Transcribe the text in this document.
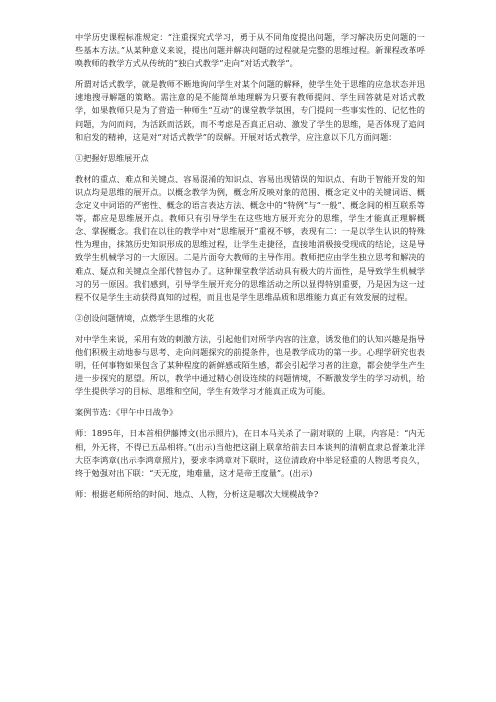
中学历史课程标准规定：“注重探究式学习，勇于从不同角度提出问题，学习解决历史问题的一些基本方法。”从某种意义来说，提出问题并解决问题的过程就是完整的思维过程。新课程改革呼唤教师的教学方式从传统的“独白式教学”走向“对话式教学”。

所谓对话式教学，就是教师不断地询问学生对某个问题的解释，使学生处于思维的应急状态并迅速地搜寻解题的策略。需注意的是不能简单地理解为只要有教师提问、学生回答就是对话式教学，如果教师只是为了营造一种师生“互动”的课堂教学氛围，专门提问一些事实性的、记忆性的问题，为问而问，为活跃而活跃，而不考虑是否真正启动、激发了学生的思维，是否体现了追问和启发的精神，这是对“对话式教学”的误解。开展对话式教学，应注意以下几方面问题：

①把握好思维展开点

教材的重点、难点和关键点、容易混淆的知识点、容易出现错误的知识点、有助于智能开发的知识点均是思维的展开点。以概念教学为例，概念所反映对象的范围、概念定义中的关键词语、概念定义中词语的严密性、概念的语言表达方法、概念中的“特例”与“一般”、概念间的相互联系等等，都应是思维展开点。教师只有引导学生在这些地方展开充分的思维，学生才能真正理解概念、掌握概念。我们在以往的教学中对“思维展开”重视不够，表现有二：一是以学生认识的特殊性为理由，抹煞历史知识形成的思维过程，让学生走捷径，直接地消极接受现成的结论，这是导致学生机械学习的一大原因。二是片面夸大教师的主导作用。教师把应由学生独立思考和解决的难点、疑点和关键点全部代替包办了。这种课堂教学活动具有极大的片面性，是导致学生机械学习的另一原因。我们感到，引导学生展开充分的思维活动之所以显得特别重要，乃是因为这一过程不仅是学生主动获得真知的过程，而且也是学生思维品质和思维能力真正有效发展的过程。

②创设问题情境，点燃学生思维的火花

对中学生来说，采用有效的刺激方法，引起他们对所学内容的注意，诱发他们的认知兴趣是指导他们积极主动地参与思考、走向问题探究的前提条件，也是教学成功的第一步。心理学研究也表明，任何事物如果包含了某种程度的新鲜感或陌生感，都会引起学习者的注意，都会使学生产生进一步探究的愿望。所以，教学中通过精心创设连续的问题情境，不断激发学生的学习动机，给学生提供学习的目标、思维和空间，学生有效学习才能真正成为可能。

案例节选：《甲午中日战争》

师：1895年，日本首相伊藤博文(出示照片)，在日本马关杀了一副对联的 上联，内容是：“内无相，外无将，不得已五品相将。”(出示)当他把这副上联拿给前去日本谈判的清朝直隶总督兼北洋大臣李鸿章(出示李鸿章照片)，要求李鸿章对下联时，这位清政府中举足轻重的人物思考良久，终于勉强对出下联：“天无度，地难量，这才是帝王度量”。(出示)

师：根据老师所给的时间、地点、人物，分析这是哪次大规模战争?
